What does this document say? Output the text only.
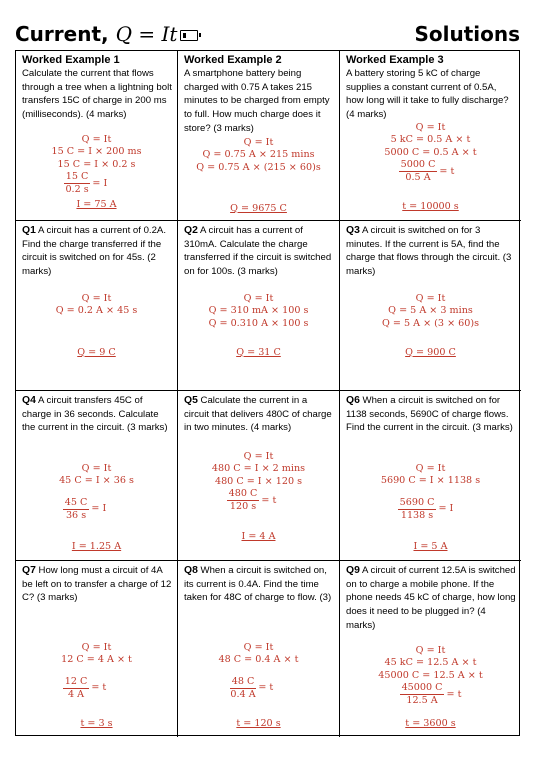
Current, Q = It	Solutions
Worked Example 1
Calculate the current that flows through a tree when a lightning bolt transfers 15C of charge in 200 ms (milliseconds). (4 marks)
Q = It
15 C = I × 200 ms
15 C = I × 0.2 s
$\frac{15 C}{0.2 s} = I$
I = 75 A
Worked Example 2
A smartphone battery being charged with 0.75 A takes 215 minutes to be charged from empty to full. How much charge does it store? (3 marks)
Q = It
Q = 0.75 A × 215 mins
Q = 0.75 A × (215 × 60)s
Q = 9675 C
Worked Example 3
A battery storing 5 kC of charge supplies a constant current of 0.5A, how long will it take to fully discharge? (4 marks)
Q = It
5 kC = 0.5 A × t
5000 C = 0.5 A × t
$\frac{5000 C}{0.5 A} = t$
t = 10000 s
Q1 A circuit has a current of 0.2A. Find the charge transferred if the circuit is switched on for 45s. (2 marks)
Q = It
Q = 0.2 A × 45 s
Q = 9 C
Q2 A circuit has a current of 310mA. Calculate the charge transferred if the circuit is switched on for 100s. (3 marks)
Q = It
Q = 310 mA × 100 s
Q = 0.310 A × 100 s
Q = 31 C
Q3 A circuit is switched on for 3 minutes. If the current is 5A, find the charge that flows through the circuit. (3 marks)
Q = It
Q = 5 A × 3 mins
Q = 5 A × (3 × 60)s
Q = 900 C
Q4 A circuit transfers 45C of charge in 36 seconds. Calculate the current in the circuit. (3 marks)
Q = It
45 C = I × 36 s
$\frac{45 C}{36 s} = I$
I = 1.25 A
Q5 Calculate the current in a circuit that delivers 480C of charge in two minutes. (4 marks)
Q = It
480 C = I × 2 mins
480 C = I × 120 s
$\frac{480 C}{120 s} = t$
I = 4 A
Q6 When a circuit is switched on for 1138 seconds, 5690C of charge flows. Find the current in the circuit. (3 marks)
Q = It
5690 C = I × 1138 s
$\frac{5690 C}{1138 s} = I$
I = 5 A
Q7 How long must a circuit of 4A be left on to transfer a charge of 12 C? (3 marks)
Q = It
12 C = 4 A × t
$\frac{12 C}{4 A} = t$
t = 3 s
Q8 When a circuit is switched on, its current is 0.4A. Find the time taken for 48C of charge to flow. (3)
Q = It
48 C = 0.4 A × t
$\frac{48 C}{0.4 A} = t$
t = 120 s
Q9 A circuit of current 12.5A is switched on to charge a mobile phone. If the phone needs 45 kC of charge, how long does it need to be plugged in? (4 marks)
Q = It
45 kC = 12.5 A × t
45000 C = 12.5 A × t
$\frac{45000 C}{12.5 A} = t$
t = 3600 s
